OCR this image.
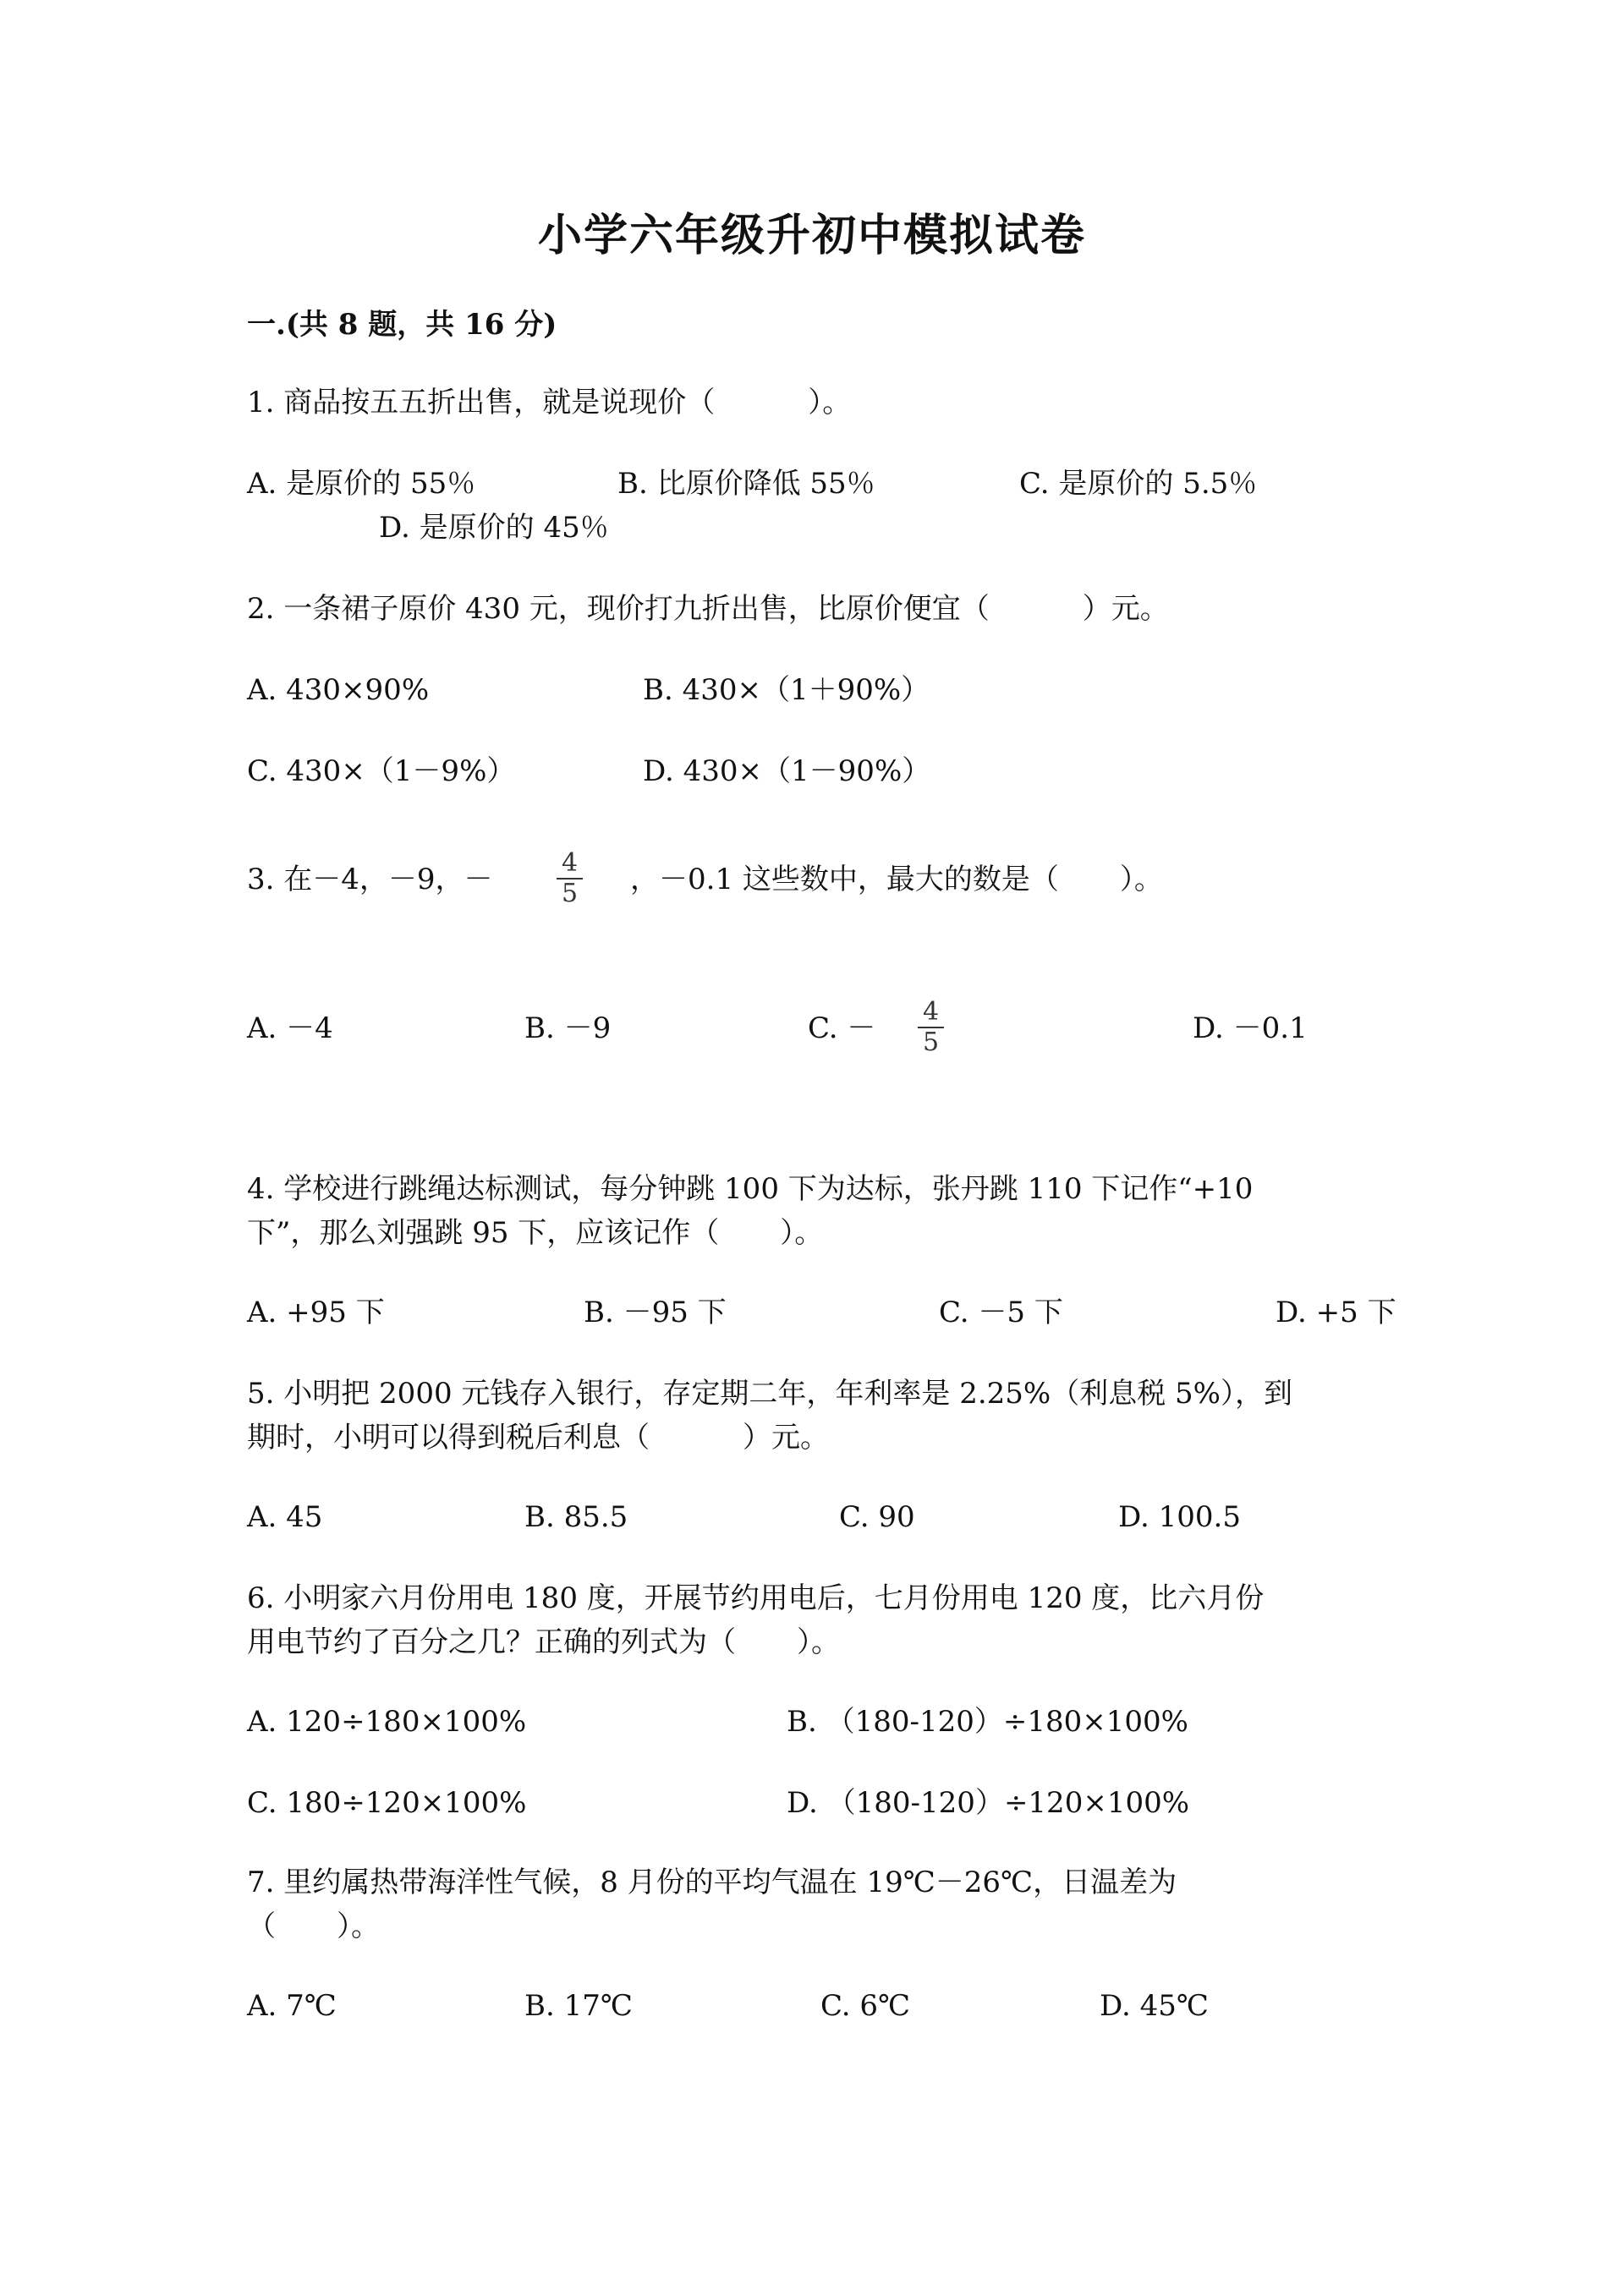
小学六年级升初中模拟试卷
一.(共 8 题，共 16 分)
1. 商品按五五折出售，就是说现价（	）。
A. 是原价的 55％	B. 比原价降低 55％	C. 是原价的 5.5％
D. 是原价的 45％
2. 一条裙子原价 430 元，现价打九折出售，比原价便宜（	）元。
A. 430×90%	B. 430×（1＋90%）
C. 430×（1－9%）	D. 430×（1－90%）
3. 在－4，－9，－	$\frac{4}{5}$ ，－0.1 这些数中，最大的数是（ ）。
A. －4	B. －9	C. － $\frac{4}{5}$	D. －0.1
4. 学校进行跳绳达标测试，每分钟跳 100 下为达标，张丹跳 110 下记作“+10
下”，那么刘强跳 95 下，应该记作（ ）。
A. +95 下	B. －95 下	C. －5 下	D. +5 下
5. 小明把 2000 元钱存入银行，存定期二年，年利率是 2.25%（利息税 5%），到
期时，小明可以得到税后利息（	）元。
A. 45	B. 85.5	C. 90	D. 100.5
6. 小明家六月份用电 180 度，开展节约用电后，七月份用电 120 度，比六月份
用电节约了百分之几？正确的列式为（ ）。
A. 120÷180×100%	B. （180-120）÷180×100%
C. 180÷120×100%	D. （180-120）÷120×100%
7. 里约属热带海洋性气候，8 月份的平均气温在 19℃－26℃，日温差为
（ ）。
A. 7℃	B. 17℃	C. 6℃	D. 45℃
